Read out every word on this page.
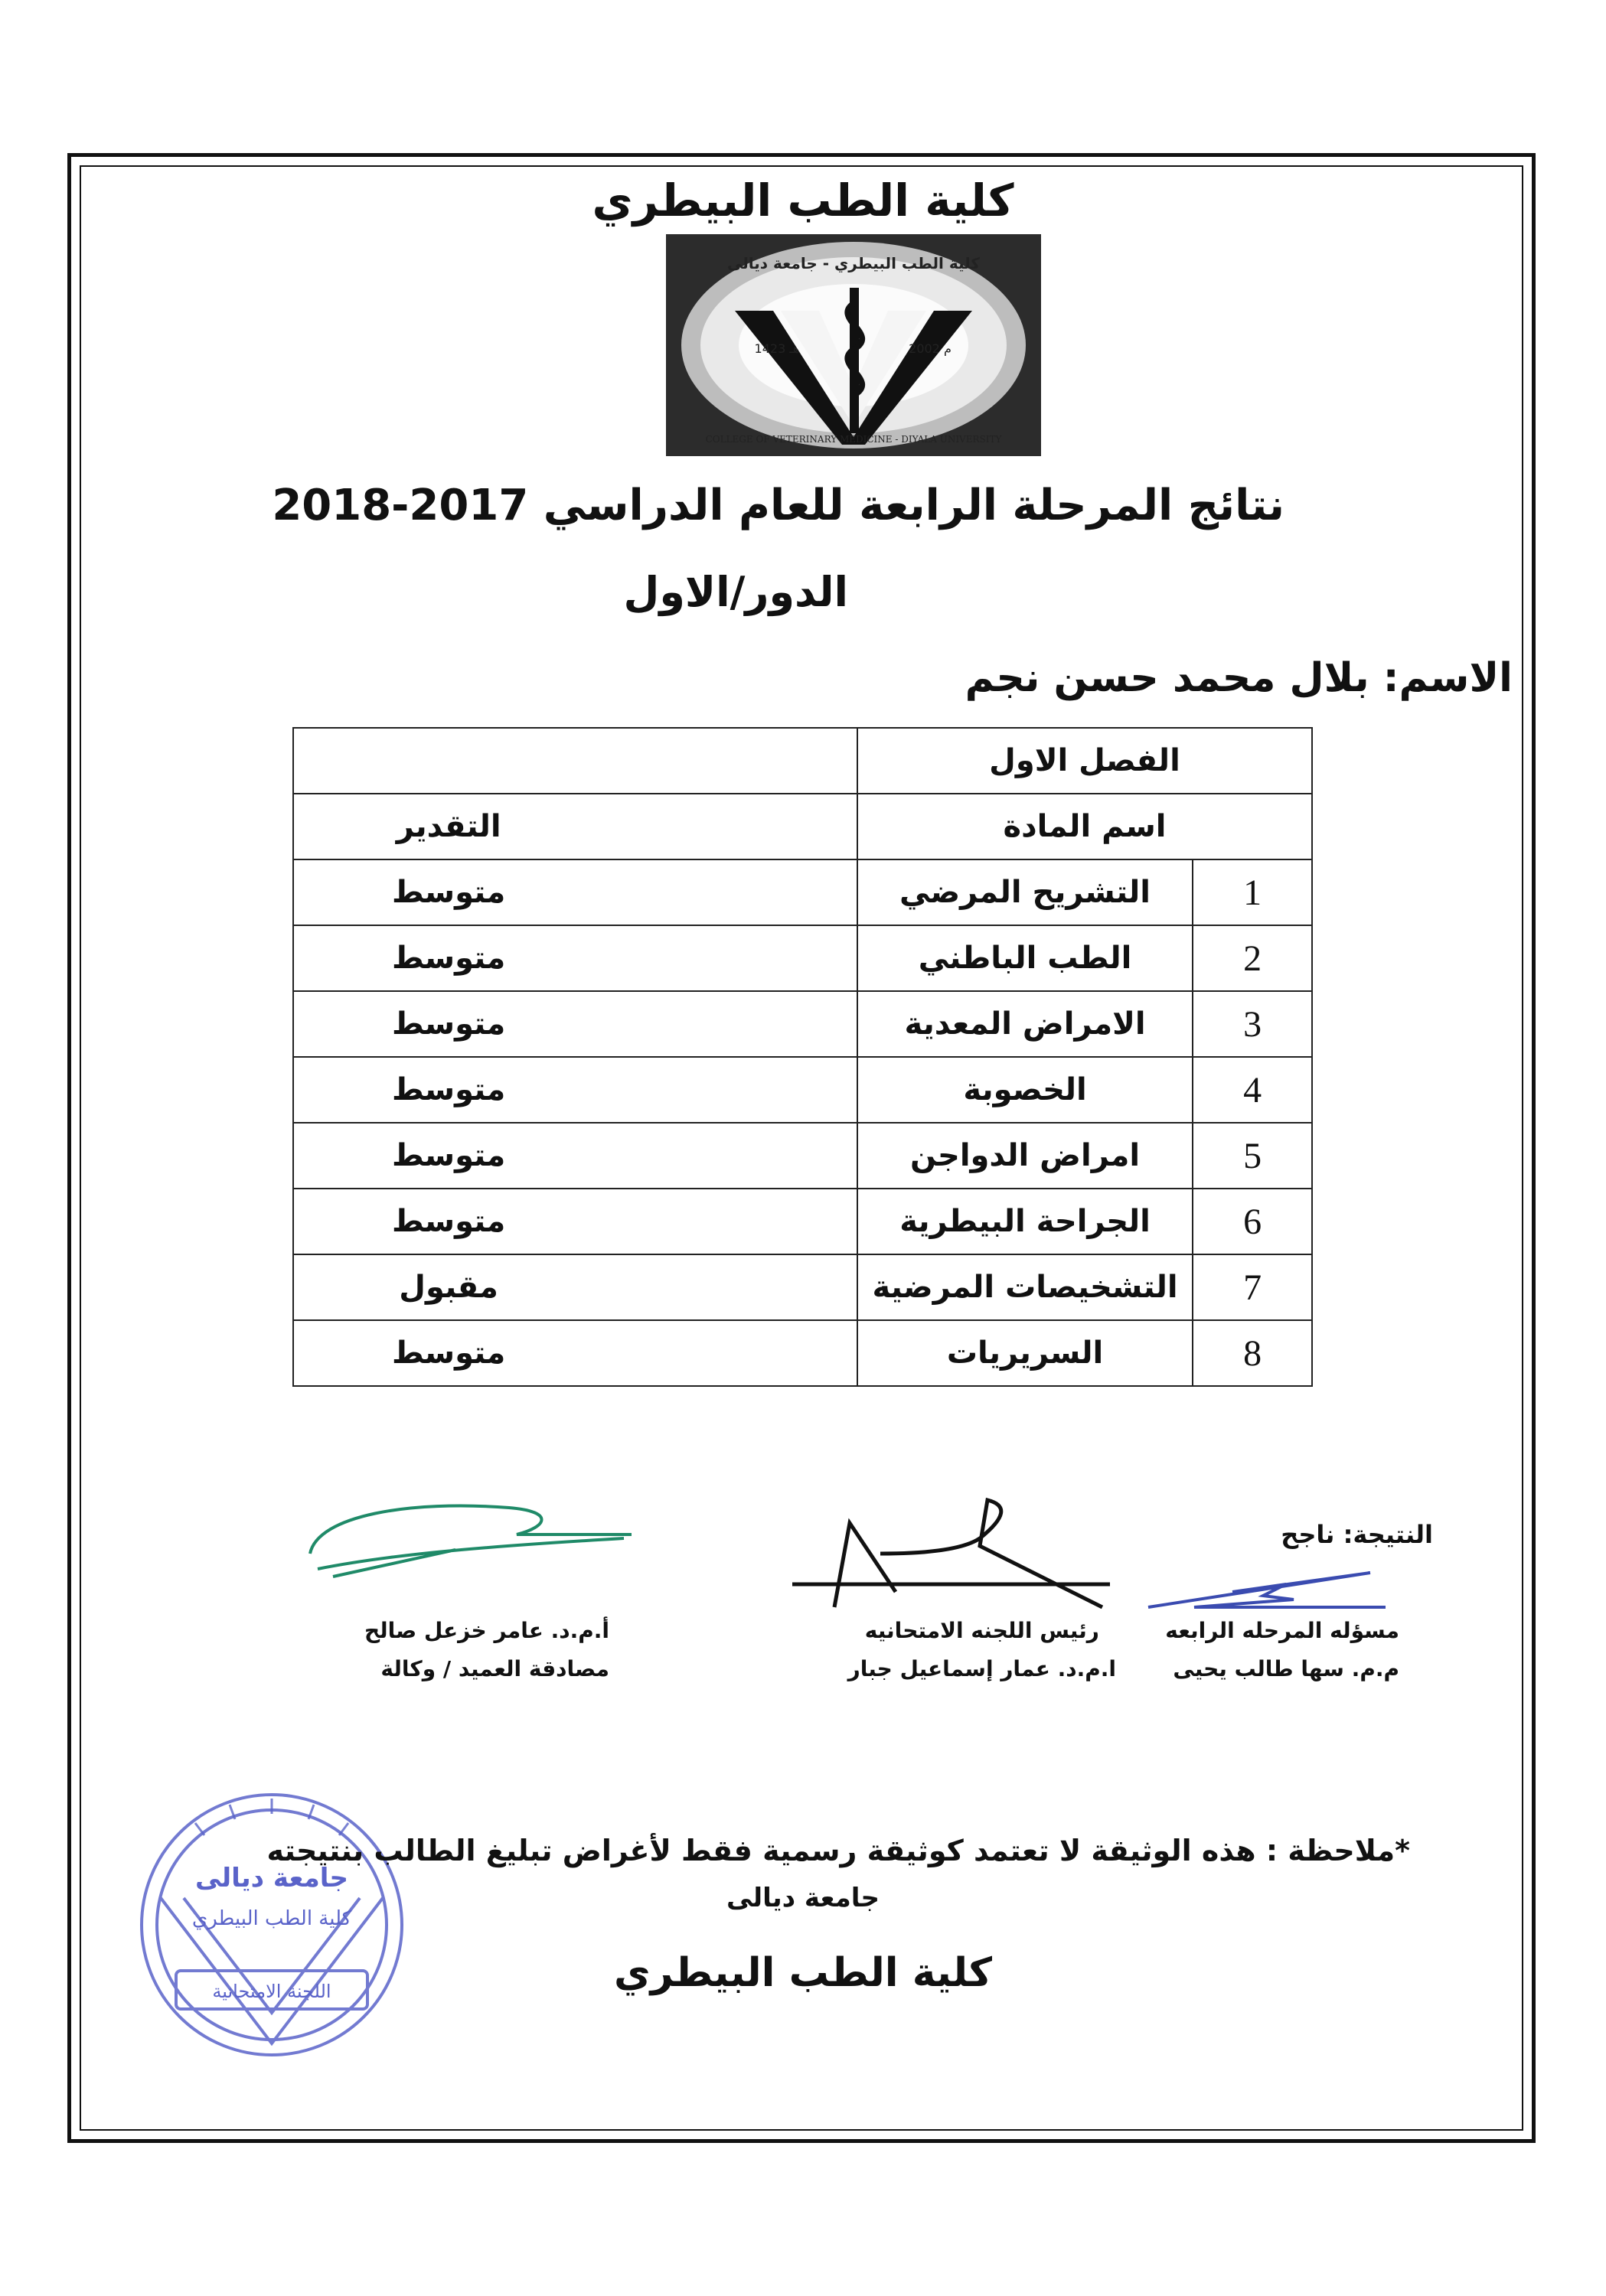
كلية الطب البيطري
كلية الطب البيطري - جامعة ديالى
COLLEGE OF VETERINARY MEDICINE - DIYALA UNIVERSITY
1423 هـ	2002 م
نتائج المرحلة الرابعة للعام الدراسي 2017-2018
الدور/الاول
الاسم: بلال محمد حسن نجم
الفصل الاول		
اسم المادة		التقدير
1	التشريح المرضي	متوسط
2	الطب الباطني	متوسط
3	الامراض المعدية	متوسط
4	الخصوبة	متوسط
5	امراض الدواجن	متوسط
6	الجراحة البيطرية	متوسط
7	التشخيصات المرضية	مقبول
8	السريريات	متوسط
النتيجة: ناجح
مسؤله المرحله الرابعه
م.م. سها طالب يحيى
رئيس اللجنه الامتحانيه
ا.م.د. عمار إسماعيل جبار
أ.م.د. عامر خزعل صالح
مصادقة العميد / وكالة
جامعة ديالى
كلية الطب البيطري
اللجنة الامتحانية
*ملاحظة : هذه الوثيقة لا تعتمد كوثيقة رسمية فقط لأغراض تبليغ الطالب بنتيجته
جامعة ديالى
كلية الطب البيطري
